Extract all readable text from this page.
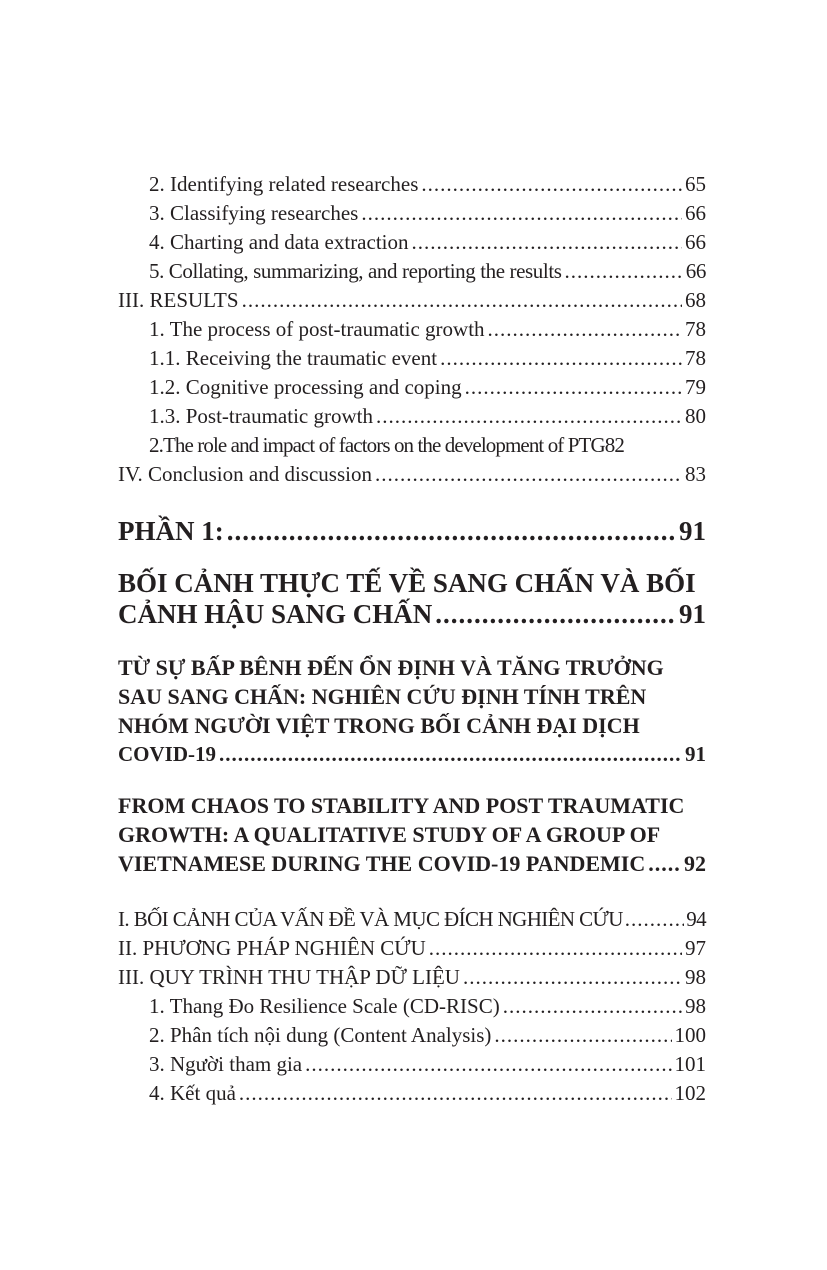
2. Identifying related researches .....	65
3. Classifying researches .....	66
4. Charting and data extraction .....	66
5. Collating, summarizing, and reporting the results .....	66
III. RESULTS .....	68
1. The process of post-traumatic growth .....	78
1.1. Receiving the traumatic event .....	78
1.2. Cognitive processing and coping .....	79
1.3. Post-traumatic growth .....	80
2.The role and impact of factors on the development of PTG 82
IV. Conclusion and discussion .....	83
PHẦN 1: .....	91
BỐI CẢNH THỰC TẾ VỀ SANG CHẤN VÀ BỐI
CẢNH HẬU SANG CHẤN .....	91
TỪ SỰ BẤP BÊNH ĐẾN ỔN ĐỊNH VÀ TĂNG TRƯỞNG
SAU SANG CHẤN: NGHIÊN CỨU ĐỊNH TÍNH TRÊN
NHÓM NGƯỜI VIỆT TRONG BỐI CẢNH ĐẠI DỊCH
COVID-19 .....	91
FROM CHAOS TO STABILITY AND POST TRAUMATIC
GROWTH: A QUALITATIVE STUDY OF A GROUP OF
VIETNAMESE DURING THE COVID-19 PANDEMIC ..... 92
I. BỐI CẢNH CỦA VẤN ĐỀ VÀ MỤC ĐÍCH NGHIÊN CỨU .....	94
II. PHƯƠNG PHÁP NGHIÊN CỨU .....	97
III. QUY TRÌNH THU THẬP DỮ LIỆU .....	98
1. Thang Đo Resilience Scale (CD-RISC) .....	98
2. Phân tích nội dung (Content Analysis) .....	100
3. Người tham gia .....	101
4. Kết quả .....	102
